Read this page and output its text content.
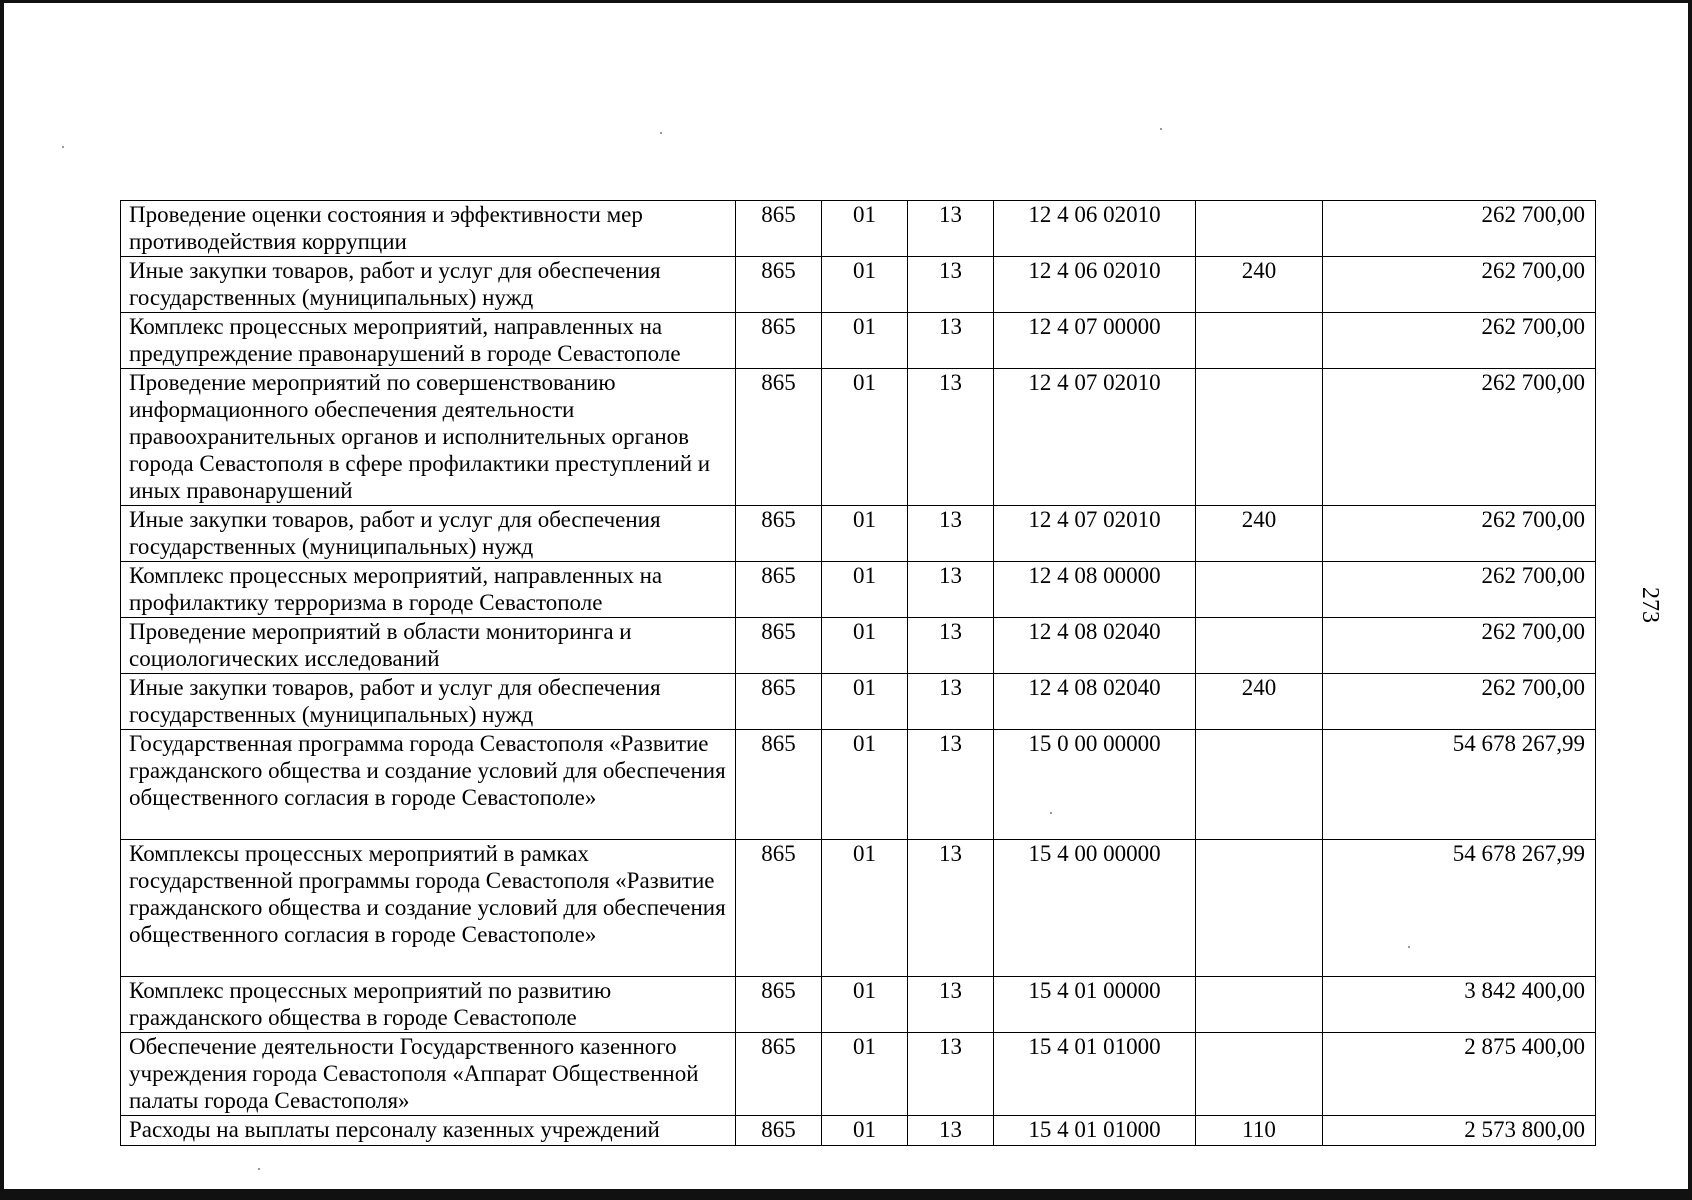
273
Проведение оценки состояния и эффективности мер противодействия коррупции	865	01	13	12 4 06 02010		262 700,00
Иные закупки товаров, работ и услуг для обеспечения государственных (муниципальных) нужд	865	01	13	12 4 06 02010	240	262 700,00
Комплекс процессных мероприятий, направленных на предупреждение правонарушений в городе Севастополе	865	01	13	12 4 07 00000		262 700,00
Проведение мероприятий по совершенствованию информационного обеспечения деятельности правоохранительных органов и исполнительных органов города Севастополя в сфере профилактики преступлений и иных правонарушений	865	01	13	12 4 07 02010		262 700,00
Иные закупки товаров, работ и услуг для обеспечения государственных (муниципальных) нужд	865	01	13	12 4 07 02010	240	262 700,00
Комплекс процессных мероприятий, направленных на профилактику терроризма в городе Севастополе	865	01	13	12 4 08 00000		262 700,00
Проведение мероприятий в области мониторинга и социологических исследований	865	01	13	12 4 08 02040		262 700,00
Иные закупки товаров, работ и услуг для обеспечения государственных (муниципальных) нужд	865	01	13	12 4 08 02040	240	262 700,00
Государственная программа города Севастополя «Развитие гражданского общества и создание условий для обеспечения общественного согласия в городе Севастополе»	865	01	13	15 0 00 00000		54 678 267,99
Комплексы процессных мероприятий в рамках государственной программы города Севастополя «Развитие гражданского общества и создание условий для обеспечения общественного согласия в городе Севастополе»	865	01	13	15 4 00 00000		54 678 267,99
Комплекс процессных мероприятий по развитию гражданского общества в городе Севастополе	865	01	13	15 4 01 00000		3 842 400,00
Обеспечение деятельности Государственного казенного учреждения города Севастополя «Аппарат Общественной палаты города Севастополя»	865	01	13	15 4 01 01000		2 875 400,00
Расходы на выплаты персоналу казенных учреждений	865	01	13	15 4 01 01000	110	2 573 800,00
